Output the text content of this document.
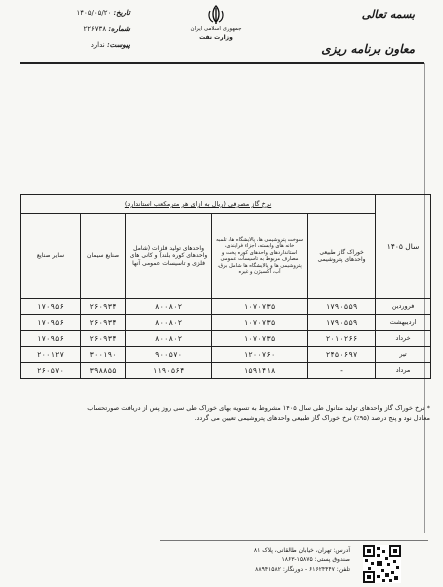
بسمه تعالی
جمهوری اسلامی ایران
وزارت نفت
تاریخ: ۱۴۰۵/۰۵/۲۰
شماره: ۲۲۶۷۳۸
پیوست: ندارد	معاون برنامه ریزی
سال ۱۴۰۵	نرخ گاز مصرفی (ریال به ازای هر مترمکعب استاندارد)				
	خوراک گاز طبیعی واحدهای پتروشیمی	سوخت پتروشیمی ها، پالایشگاه ها، تلمبه خانه های وابسته، اجزاء فرایندی، استانداردهای واحدهای کوره پخت و مصارف مربوط به تاسیسات عمومی پتروشیمی ها و پالایشگاه ها شامل برق، آب، آکسیژن و غیره	واحدهای تولید فلزات (شامل واحدهای کوره بلند) و کانی های فلزی و تاسیسات عمومی آنها	صنایع سیمان	سایر صنایع
فروردین	۱۷۹۰۵۵۹	۱۰۷۰۷۳۵	۸۰۰۸۰۲	۲۶۰۹۳۴	۱۷۰۹۵۶
اردیبهشت	۱۷۹۰۵۵۹	۱۰۷۰۷۳۵	۸۰۰۸۰۲	۲۶۰۹۳۴	۱۷۰۹۵۶
خرداد	۲۰۱۰۲۶۶	۱۰۷۰۷۳۵	۸۰۰۸۰۲	۲۶۰۹۳۴	۱۷۰۹۵۶
تیر	۲۴۵۰۶۹۷	۱۲۰۰۷۶۰	۹۰۰۵۷۰	۳۰۰۱۹۰	۲۰۰۱۲۷
مرداد	-	۱۵۹۱۴۱۸	۱۱۹۰۵۶۴	۳۹۸۸۵۵	۲۶۰۵۷۰
* نرخ خوراک گاز واحدهای تولید متانول طی سال ۱۴۰۵ مشروط به تسویه بهای خوراک طی سی روز پس از دریافت صورتحساب
معادل نود و پنج درصد (۹۵٪) نرخ خوراک گاز طبیعی واحدهای پتروشیمی تعیین می گردد.
آدرس: تهران، خیابان طالقانی، پلاک ۸۱
صندوق پستی: ۱۵۸۷۵-۱۸۶۳
تلفن: ۶۱۶۲۴۴۴۷ - دورنگار: ۸۸۹۴۱۵۸۲
